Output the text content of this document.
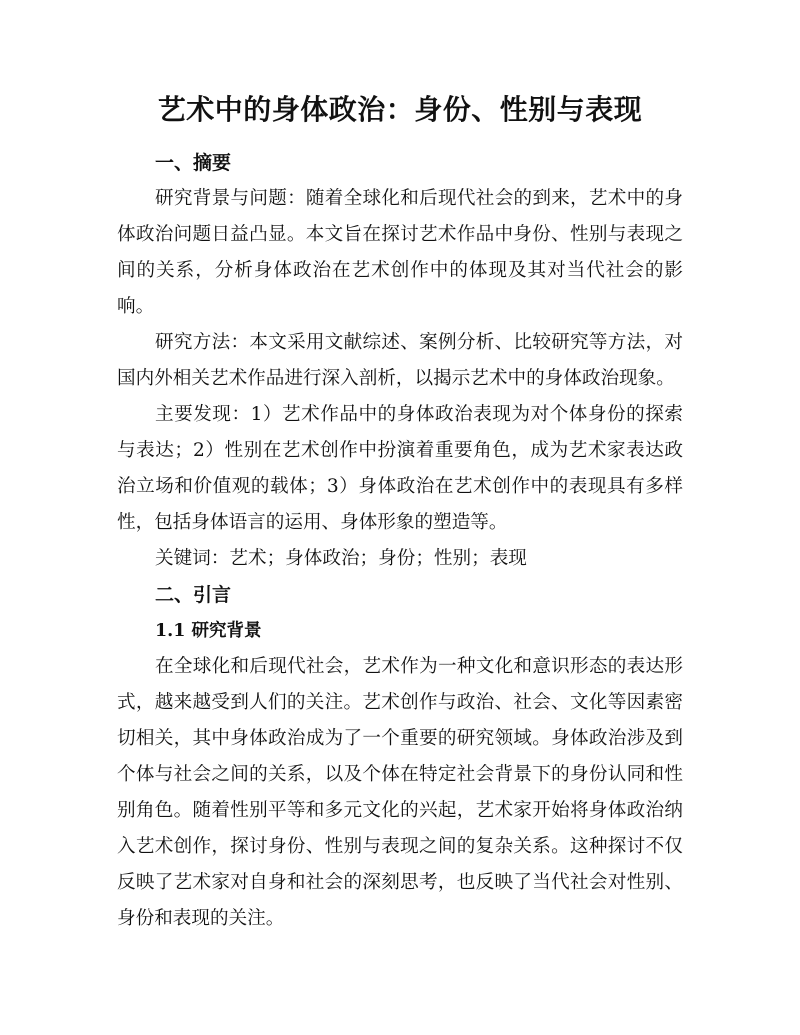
艺术中的身体政治：身份、性别与表现
一、摘要

研究背景与问题：随着全球化和后现代社会的到来，艺术中的身体政治问题日益凸显。本文旨在探讨艺术作品中身份、性别与表现之间的关系，分析身体政治在艺术创作中的体现及其对当代社会的影响。

研究方法：本文采用文献综述、案例分析、比较研究等方法，对国内外相关艺术作品进行深入剖析，以揭示艺术中的身体政治现象。

主要发现：1）艺术作品中的身体政治表现为对个体身份的探索与表达；2）性别在艺术创作中扮演着重要角色，成为艺术家表达政治立场和价值观的载体；3）身体政治在艺术创作中的表现具有多样性，包括身体语言的运用、身体形象的塑造等。

关键词：艺术；身体政治；身份；性别；表现

二、引言
1.1 研究背景

在全球化和后现代社会，艺术作为一种文化和意识形态的表达形式，越来越受到人们的关注。艺术创作与政治、社会、文化等因素密切相关，其中身体政治成为了一个重要的研究领域。身体政治涉及到个体与社会之间的关系，以及个体在特定社会背景下的身份认同和性别角色。随着性别平等和多元文化的兴起，艺术家开始将身体政治纳入艺术创作，探讨身份、性别与表现之间的复杂关系。这种探讨不仅反映了艺术家对自身和社会的深刻思考，也反映了当代社会对性别、身份和表现的关注。
